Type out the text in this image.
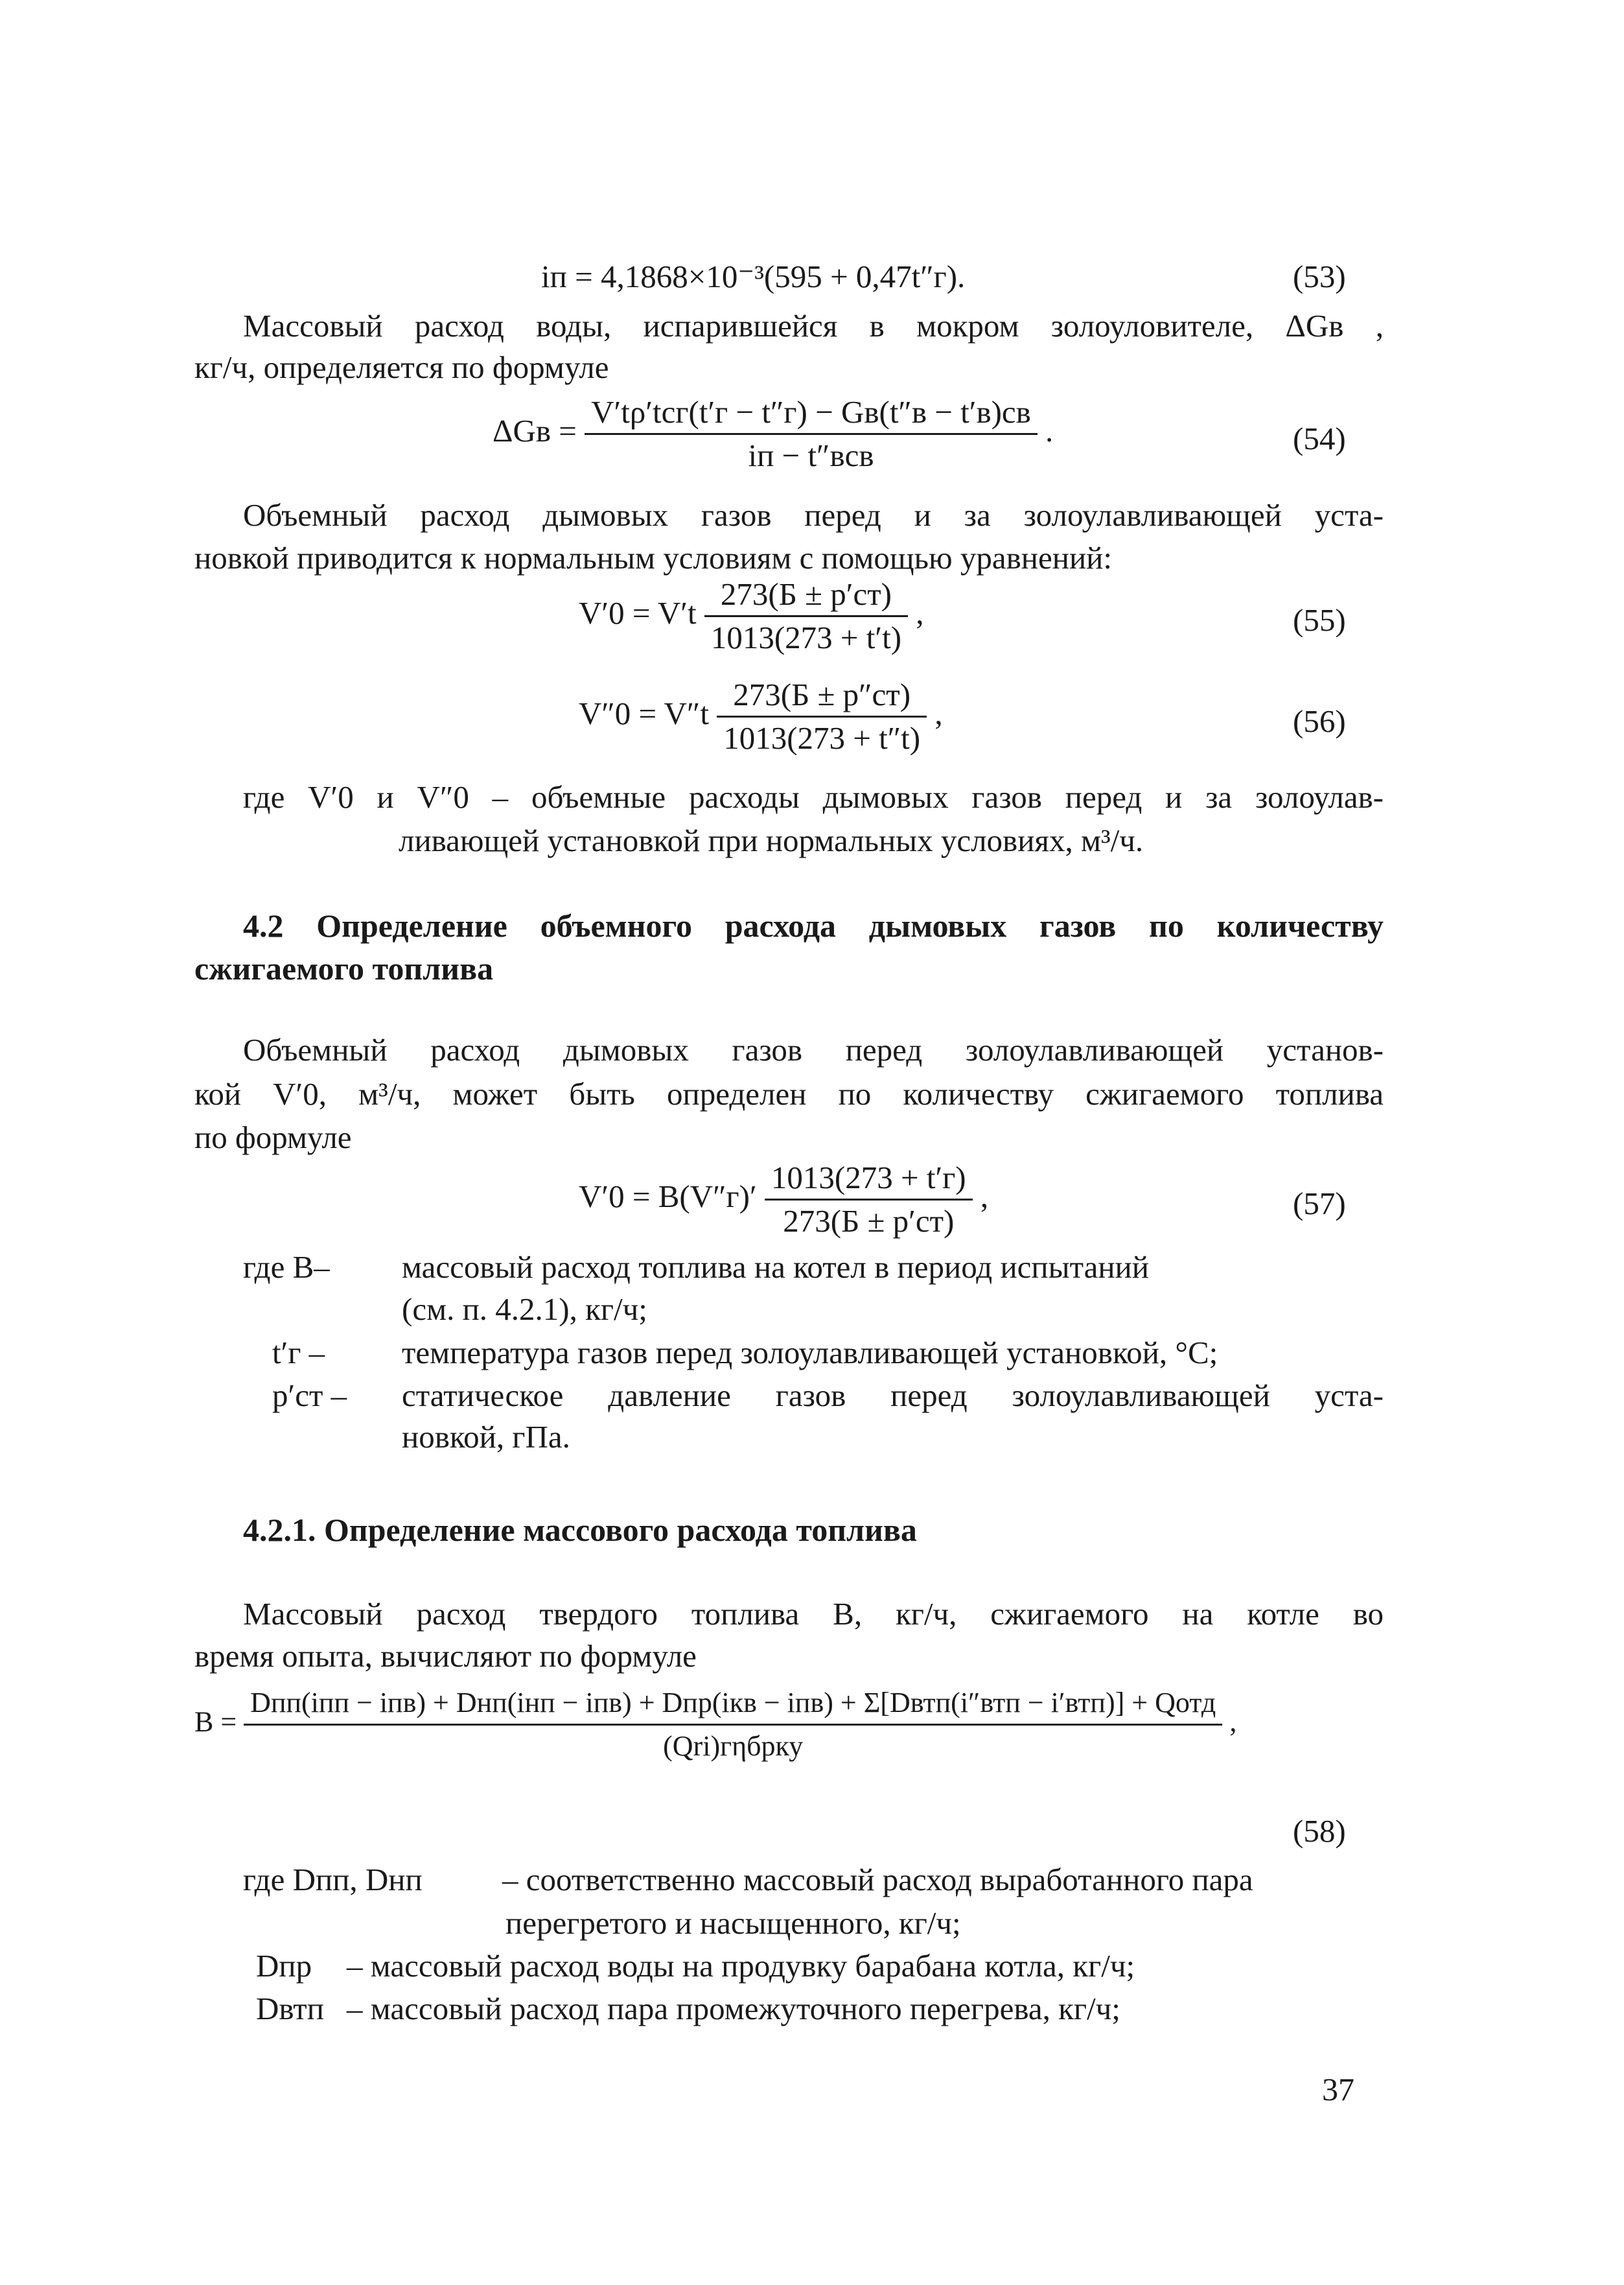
iп = 4,1868×10⁻³(595 + 0,47t″г).	(53)
Массовый расход воды, испарившейся в мокром золоуловителе, ΔGв ,
кг/ч, определяется по формуле
$\Delta Gв = \frac{\text{V′tρ′tcг(t′г − t″г) − Gв(t″в − t′в)cв}}{\text{iп − t″вcв}}$ .	(54)
Объемный расход дымовых газов перед и за золоулавливающей уста-
новкой приводится к нормальным условиям с помощью уравнений:
$V'0 = V't \frac{273(Б \pm p'ст)}{1013(273 + t't)}$ ,	(55)
$V''0 = V''t \frac{273(Б \pm p''ст)}{1013(273 + t''t)}$ ,	(56)
где V′0 и V″0 – объемные расходы дымовых газов перед и за золоулав-
ливающей установкой при нормальных условиях, м³/ч.
4.2 Определение объемного расхода дымовых газов по количеству
сжигаемого топлива
Объемный расход дымовых газов перед золоулавливающей установ-
кой V′0, м³/ч, может быть определен по количеству сжигаемого топлива
по формуле
$V'0 = B(V''г)' \frac{1013(273 + t'г)}{273(Б \pm p'ст)}$ ,	(57)
где B– массовый расход топлива на котел в период испытаний
(см. п. 4.2.1), кг/ч;
t′г – температура газов перед золоулавливающей установкой, °С;
p′ст – статическое давление газов перед золоулавливающей уста-
новкой, гПа.
4.2.1. Определение массового расхода топлива
Массовый расход твердого топлива B, кг/ч, сжигаемого на котле во
время опыта, вычисляют по формуле
B =
Dпп(iпп − iпв) + Dнп(iнп − iпв) + Dпр(iкв − iпв) + Σ[Dвтп(i″втп − i′втп)] + Qотд
(Qri)гηбрку
,
(58)
где Dпп, Dнп	– соответственно массовый расход выработанного пара
перегретого и насыщенного, кг/ч;
Dпр – массовый расход воды на продувку барабана котла, кг/ч;
Dвтп – массовый расход пара промежуточного перегрева, кг/ч;
37
